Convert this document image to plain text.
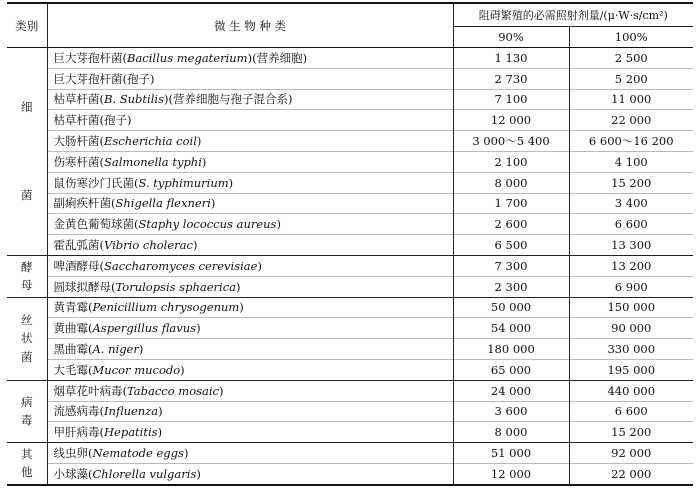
类别	微 生 物 种 类	阻碍繁殖的必需照射剂量/(μ·W·s/cm²)	
		90%	100%

细
菌	巨大芽孢杆菌(Bacillus megaterium)(营养细胞)	1 130	2 500
	巨大芽孢杆菌(孢子)	2 730	5 200
	枯草杆菌(B. Subtilis)(营养细胞与孢子混合系)	7 100	11 000
	枯草杆菌(孢子)	12 000	22 000
	大肠杆菌(Escherichia coil)	3 000～5 400	6 600～16 200
	伤寒杆菌(Salmonella typhi)	2 100	4 100
	鼠伤寒沙门氏菌(S. typhimurium)	8 000	15 200
	副痢疾杆菌(Shigella flexneri)	1 700	3 400
	金黄色葡萄球菌(Staphy lococcus aureus)	2 600	6 600
	霍乱弧菌(Vibrio cholerac)	6 500	13 300

酵
母	啤酒酵母(Saccharomyces cerevisiae)	7 300	13 200
	圆球拟酵母(Torulopsis sphaerica)	2 300	6 900

丝
状
菌	黄青霉(Penicillium chrysogenum)	50 000	150 000
	黄曲霉(Aspergillus flavus)	54 000	90 000
	黑曲霉(A. niger)	180 000	330 000
	大毛霉(Mucor mucodo)	65 000	195 000

病
毒	烟草花叶病毒(Tabacco mosaic)	24 000	440 000
	流感病毒(Influenza)	3 600	6 600
	甲肝病毒(Hepatitis)	8 000	15 200

其
他	线虫卵(Nematode eggs)	51 000	92 000
	小球藻(Chlorella vulgaris)	12 000	22 000
